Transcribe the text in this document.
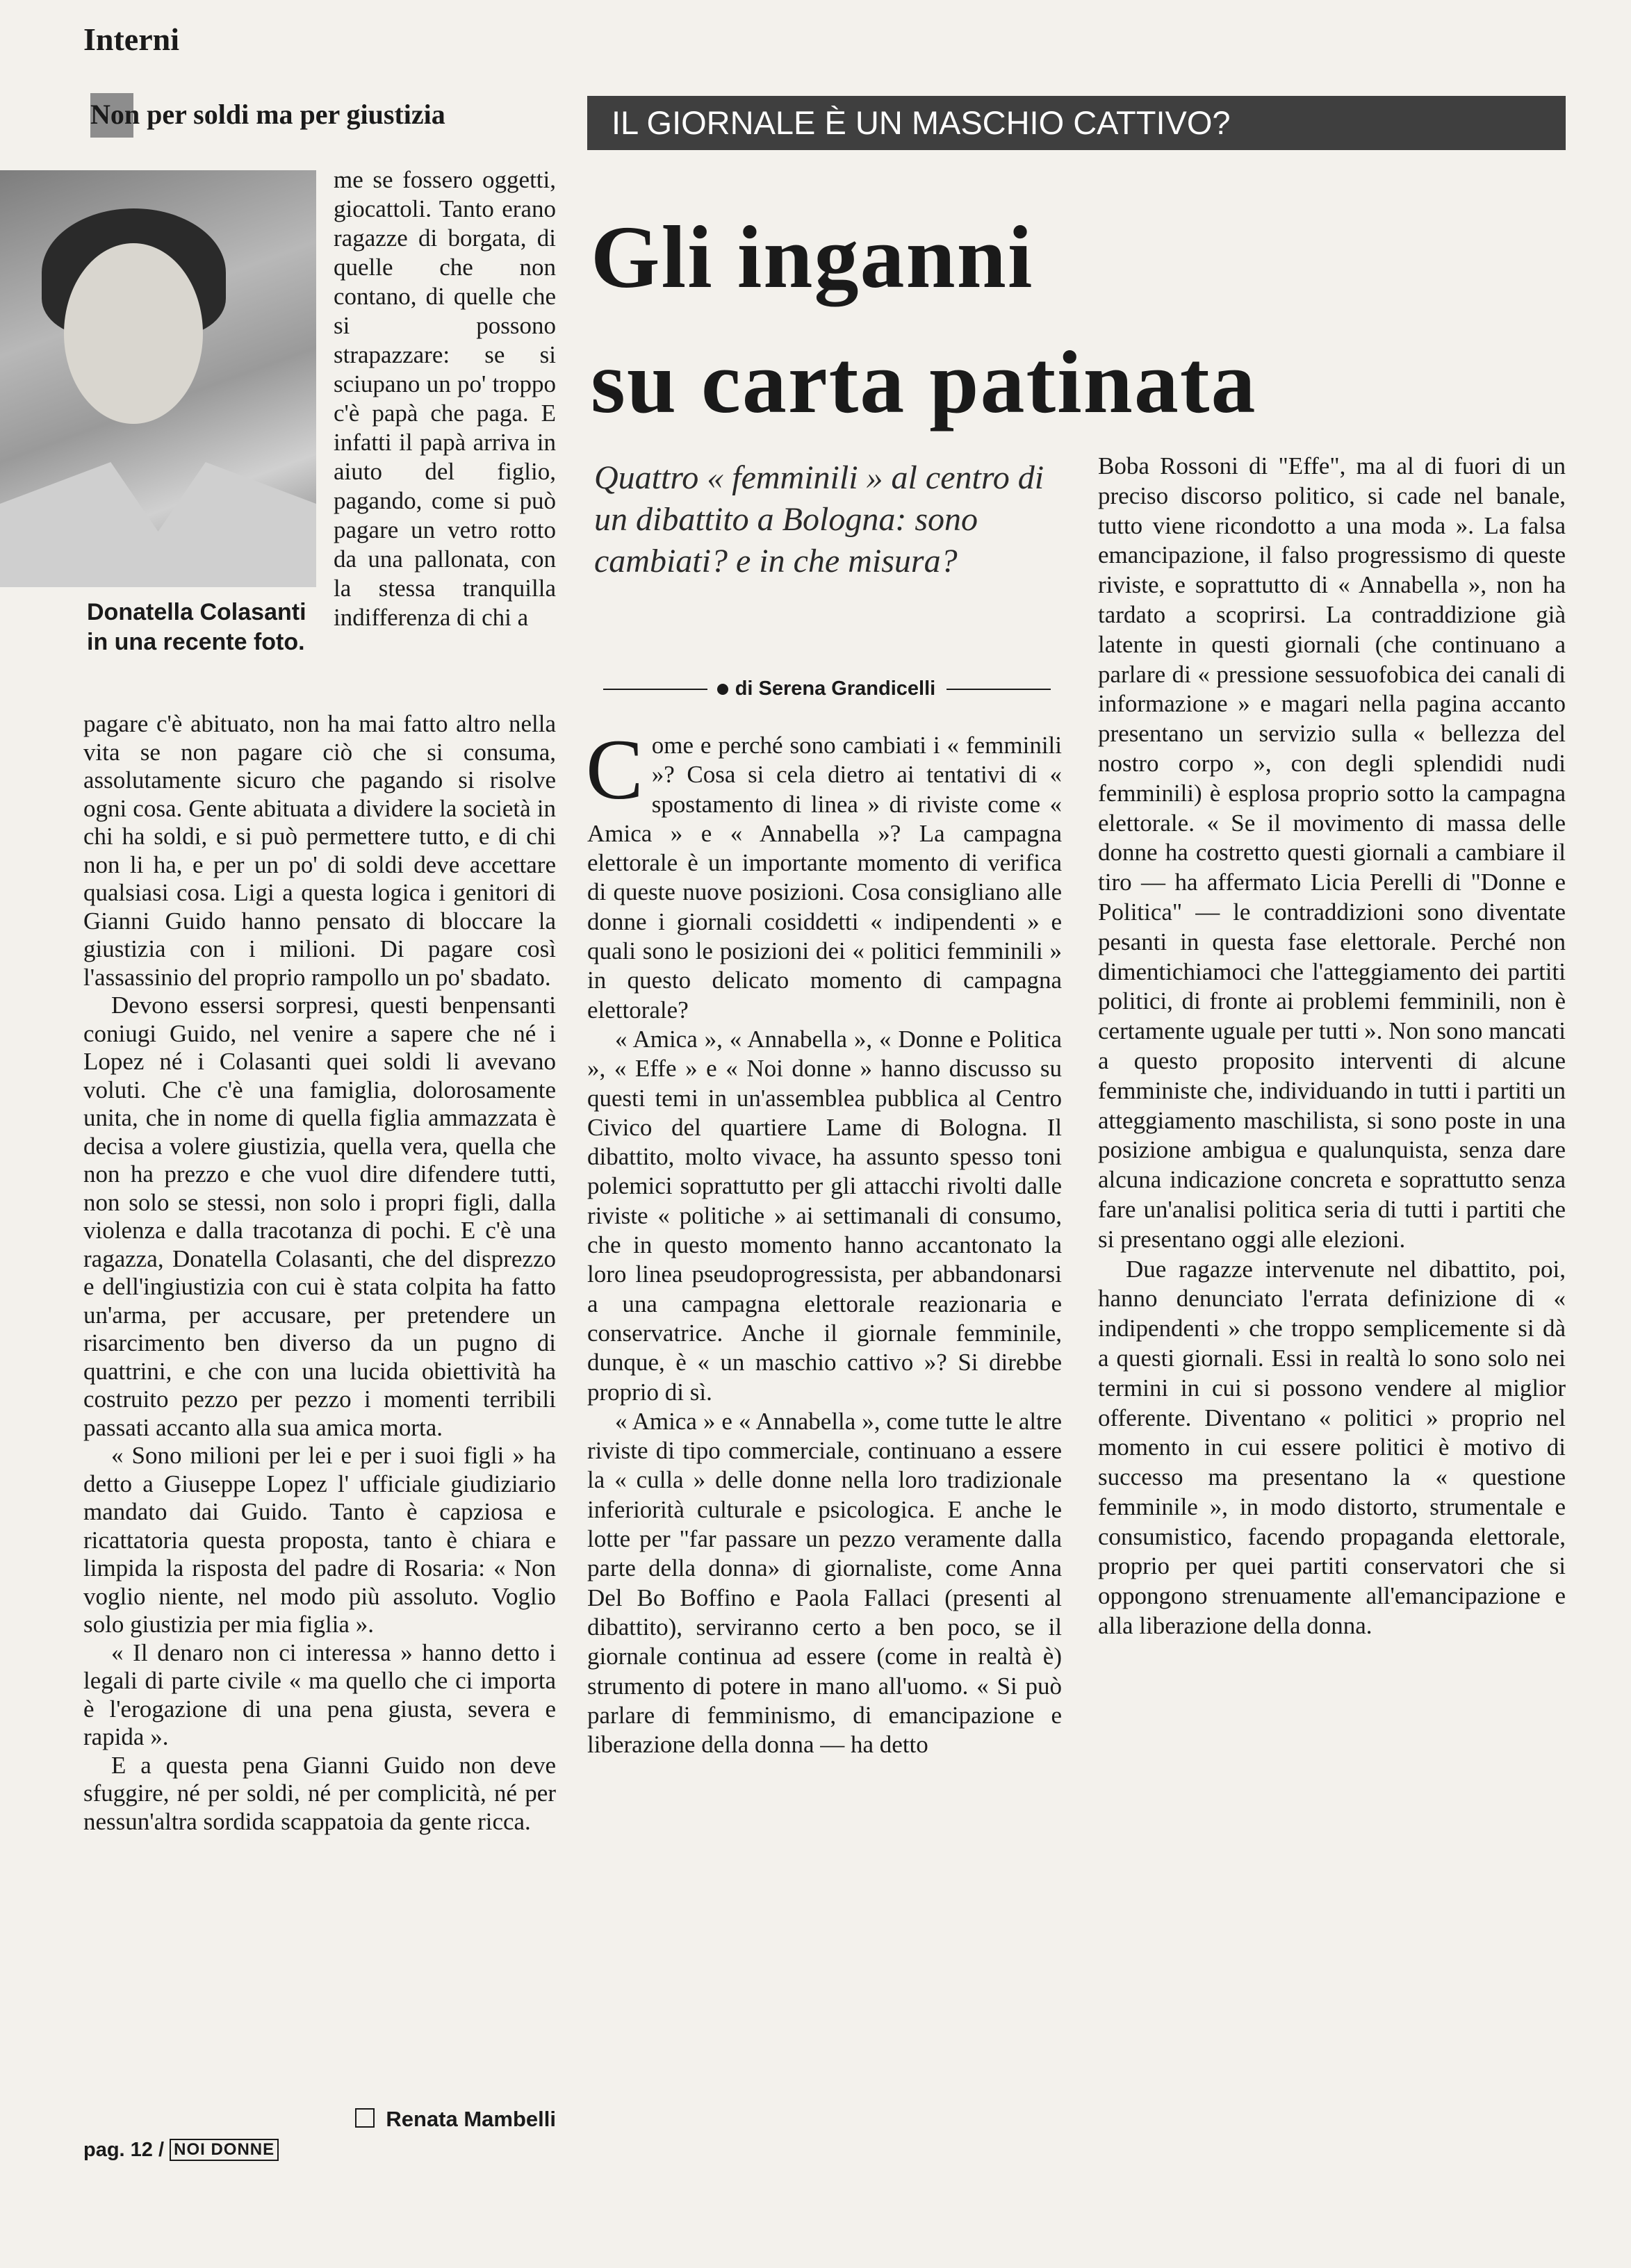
Interni
Non per soldi ma per giustizia
Donatella Colasanti in una recente foto.
me se fossero oggetti, giocattoli. Tanto erano ragazze di borgata, di quelle che non contano, di quelle che si possono strapazzare: se si sciupano un po' troppo c'è papà che paga. E infatti il papà arriva in aiuto del figlio, pagando, come si può pagare un vetro rotto da una pallonata, con la stessa tranquilla indifferenza di chi a

pagare c'è abituato, non ha mai fatto altro nella vita se non pagare ciò che si consuma, assolutamente sicuro che pagando si risolve ogni cosa. Gente abituata a dividere la società in chi ha soldi, e si può permettere tutto, e di chi non li ha, e per un po' di soldi deve accettare qualsiasi cosa. Ligi a questa logica i genitori di Gianni Guido hanno pensato di bloccare la giustizia con i milioni. Di pagare così l'assassinio del proprio rampollo un po' sbadato.

Devono essersi sorpresi, questi benpensanti coniugi Guido, nel venire a sapere che né i Lopez né i Colasanti quei soldi li avevano voluti. Che c'è una famiglia, dolorosamente unita, che in nome di quella figlia ammazzata è decisa a volere giustizia, quella vera, quella che non ha prezzo e che vuol dire difendere tutti, non solo se stessi, non solo i propri figli, dalla violenza e dalla tracotanza di pochi. E c'è una ragazza, Donatella Colasanti, che del disprezzo e dell'ingiustizia con cui è stata colpita ha fatto un'arma, per accusare, per pretendere un risarcimento ben diverso da un pugno di quattrini, e che con una lucida obiettività ha costruito pezzo per pezzo i momenti terribili passati accanto alla sua amica morta.

« Sono milioni per lei e per i suoi figli » ha detto a Giuseppe Lopez l' ufficiale giudiziario mandato dai Guido. Tanto è capziosa e ricattatoria questa proposta, tanto è chiara e limpida la risposta del padre di Rosaria: « Non voglio niente, nel modo più assoluto. Voglio solo giustizia per mia figlia ».

« Il denaro non ci interessa » hanno detto i legali di parte civile « ma quello che ci importa è l'erogazione di una pena giusta, severa e rapida ».

E a questa pena Gianni Guido non deve sfuggire, né per soldi, né per complicità, né per nessun'altra sordida scappatoia da gente ricca.

Renata Mambelli
pag. 12 / NOI DONNE
IL GIORNALE È UN MASCHIO CATTIVO?
Gli inganni
su carta patinata
Quattro « femminili » al centro di un dibattito a Bologna: sono cambiati? e in che misura?
di Serena Grandicelli

Come e perché sono cambiati i « femminili »? Cosa si cela dietro ai tentativi di « spostamento di linea » di riviste come « Amica » e « Annabella »? La campagna elettorale è un importante momento di verifica di queste nuove posizioni. Cosa consigliano alle donne i giornali cosiddetti « indipendenti » e quali sono le posizioni dei « politici femminili » in questo delicato momento di campagna elettorale?

« Amica », « Annabella », « Donne e Politica », « Effe » e « Noi donne » hanno discusso su questi temi in un'assemblea pubblica al Centro Civico del quartiere Lame di Bologna. Il dibattito, molto vivace, ha assunto spesso toni polemici soprattutto per gli attacchi rivolti dalle riviste « politiche » ai settimanali di consumo, che in questo momento hanno accantonato la loro linea pseudoprogressista, per abbandonarsi a una campagna elettorale reazionaria e conservatrice. Anche il giornale femminile, dunque, è « un maschio cattivo »? Si direbbe proprio di sì.

« Amica » e « Annabella », come tutte le altre riviste di tipo commerciale, continuano a essere la « culla » delle donne nella loro tradizionale inferiorità culturale e psicologica. E anche le lotte per "far passare un pezzo veramente dalla parte della donna» di giornaliste, come Anna Del Bo Boffino e Paola Fallaci (presenti al dibattito), serviranno certo a ben poco, se il giornale continua ad essere (come in realtà è) strumento di potere in mano all'uomo. « Si può parlare di femminismo, di emancipazione e liberazione della donna — ha detto

Boba Rossoni di "Effe", ma al di fuori di un preciso discorso politico, si cade nel banale, tutto viene ricondotto a una moda ». La falsa emancipazione, il falso progressismo di queste riviste, e soprattutto di « Annabella », non ha tardato a scoprirsi. La contraddizione già latente in questi giornali (che continuano a parlare di « pressione sessuofobica dei canali di informazione » e magari nella pagina accanto presentano un servizio sulla « bellezza del nostro corpo », con degli splendidi nudi femminili) è esplosa proprio sotto la campagna elettorale. « Se il movimento di massa delle donne ha costretto questi giornali a cambiare il tiro — ha affermato Licia Perelli di "Donne e Politica" — le contraddizioni sono diventate pesanti in questa fase elettorale. Perché non dimentichiamoci che l'atteggiamento dei partiti politici, di fronte ai problemi femminili, non è certamente uguale per tutti ». Non sono mancati a questo proposito interventi di alcune femministe che, individuando in tutti i partiti un atteggiamento maschilista, si sono poste in una posizione ambigua e qualunquista, senza dare alcuna indicazione concreta e soprattutto senza fare un'analisi politica seria di tutti i partiti che si presentano oggi alle elezioni.

Due ragazze intervenute nel dibattito, poi, hanno denunciato l'errata definizione di « indipendenti » che troppo semplicemente si dà a questi giornali. Essi in realtà lo sono solo nei termini in cui si possono vendere al miglior offerente. Diventano « politici » proprio nel momento in cui essere politici è motivo di successo ma presentano la « questione femminile », in modo distorto, strumentale e consumistico, facendo propaganda elettorale, proprio per quei partiti conservatori che si oppongono strenuamente all'emancipazione e alla liberazione della donna.
